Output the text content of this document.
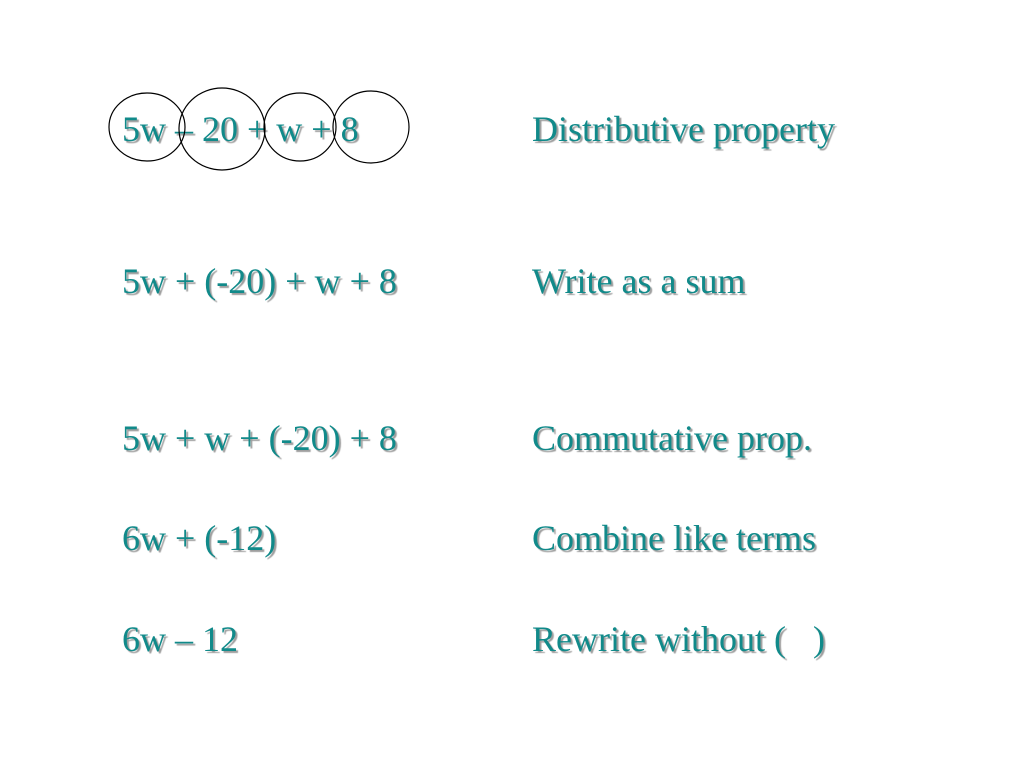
5w – 20 + w + 8	Distributive property
5w + (-20) + w + 8	Write as a sum
5w + w + (-20) + 8	Commutative prop.
6w + (-12)	Combine like terms
6w – 12	Rewrite without (   )
